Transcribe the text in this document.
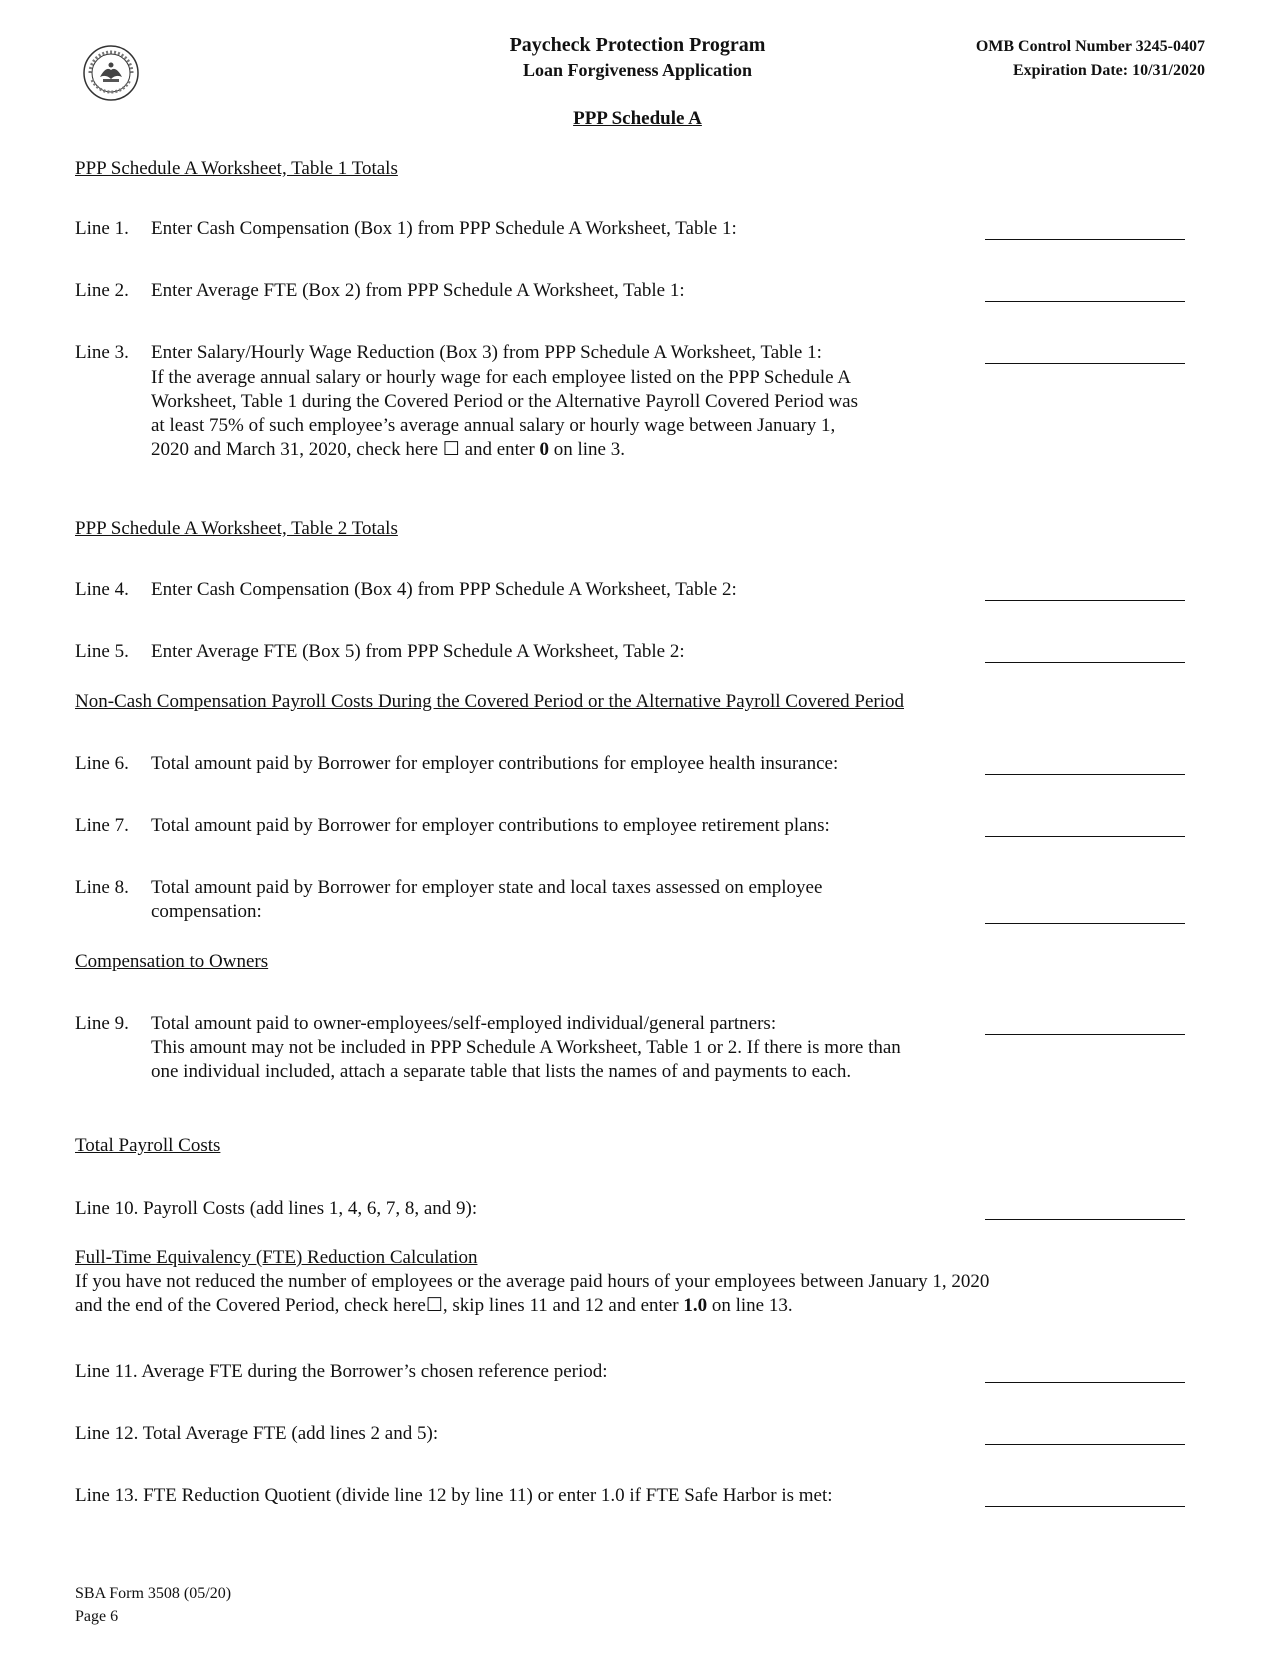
Paycheck Protection Program
Loan Forgiveness Application
OMB Control Number 3245-0407
Expiration Date: 10/31/2020
PPP Schedule A
PPP Schedule A Worksheet, Table 1 Totals
Line 1. Enter Cash Compensation (Box 1) from PPP Schedule A Worksheet, Table 1:
Line 2. Enter Average FTE (Box 2) from PPP Schedule A Worksheet, Table 1:
Line 3. Enter Salary/Hourly Wage Reduction (Box 3) from PPP Schedule A Worksheet, Table 1:
If the average annual salary or hourly wage for each employee listed on the PPP Schedule A Worksheet, Table 1 during the Covered Period or the Alternative Payroll Covered Period was at least 75% of such employee’s average annual salary or hourly wage between January 1, 2020 and March 31, 2020, check here ☐ and enter 0 on line 3.
PPP Schedule A Worksheet, Table 2 Totals
Line 4. Enter Cash Compensation (Box 4) from PPP Schedule A Worksheet, Table 2:
Line 5. Enter Average FTE (Box 5) from PPP Schedule A Worksheet, Table 2:
Non-Cash Compensation Payroll Costs During the Covered Period or the Alternative Payroll Covered Period
Line 6. Total amount paid by Borrower for employer contributions for employee health insurance:
Line 7. Total amount paid by Borrower for employer contributions to employee retirement plans:
Line 8. Total amount paid by Borrower for employer state and local taxes assessed on employee compensation:
Compensation to Owners
Line 9. Total amount paid to owner-employees/self-employed individual/general partners:
This amount may not be included in PPP Schedule A Worksheet, Table 1 or 2. If there is more than one individual included, attach a separate table that lists the names of and payments to each.
Total Payroll Costs
Line 10. Payroll Costs (add lines 1, 4, 6, 7, 8, and 9):
Full-Time Equivalency (FTE) Reduction Calculation
If you have not reduced the number of employees or the average paid hours of your employees between January 1, 2020 and the end of the Covered Period, check here☐, skip lines 11 and 12 and enter 1.0 on line 13.
Line 11. Average FTE during the Borrower’s chosen reference period:
Line 12. Total Average FTE (add lines 2 and 5):
Line 13. FTE Reduction Quotient (divide line 12 by line 11) or enter 1.0 if FTE Safe Harbor is met:
SBA Form 3508 (05/20)
Page 6
